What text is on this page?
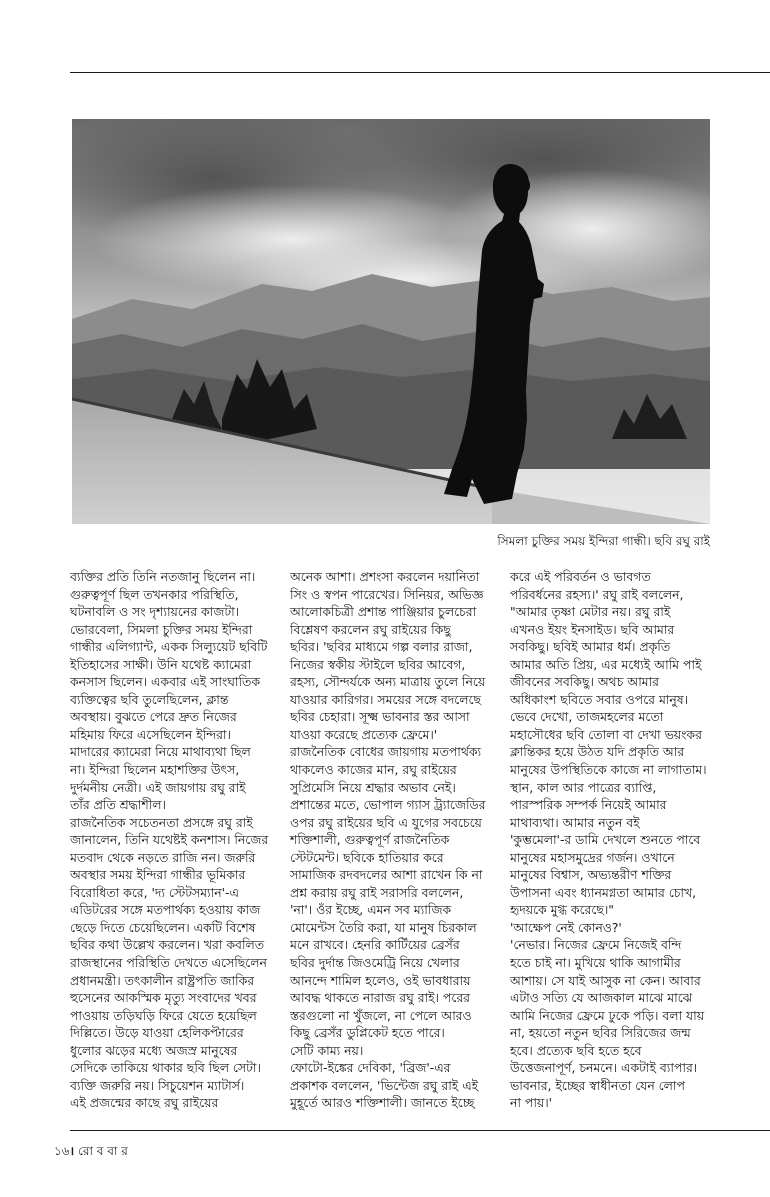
সিমলা চুক্তির সময় ইন্দিরা গান্ধী। ছবি রঘু রাই

ব্যক্তির প্রতি তিনি নতজানু ছিলেন না।

গুরুত্বপূর্ণ ছিল তখনকার পরিস্থিতি,

ঘটনাবলি ও সং দৃশ্যায়নের কাজটা।

ভোরবেলা, সিমলা চুক্তির সময় ইন্দিরা

গান্ধীর এলিগ্যান্ট, একক সিল্যুয়েট ছবিটি

ইতিহাসের সাক্ষী। উনি যথেষ্ট ক্যামেরা

কনসাস ছিলেন। একবার এই সাংঘাতিক

ব্যক্তিত্বের ছবি তুলেছিলেন, ক্লান্ত

অবস্থায়। বুঝতে পেরে দ্রুত নিজের

মহিমায় ফিরে এসেছিলেন ইন্দিরা।

মাদারের ক্যামেরা নিয়ে মাথাব্যথা ছিল

না। ইন্দিরা ছিলেন মহাশক্তির উৎস,

দুর্দমনীয় নেত্রী। এই জায়গায় রঘু রাই

তাঁর প্রতি শ্রদ্ধাশীল।

রাজনৈতিক সচেতনতা প্রসঙ্গে রঘু রাই

জানালেন, তিনি যথেষ্টই কনশাস। নিজের

মতবাদ থেকে নড়তে রাজি নন। জরুরি

অবস্থার সময় ইন্দিরা গান্ধীর ভূমিকার

বিরোধিতা করে, 'দ্য স্টেটসম্যান'-এ

এডিটরের সঙ্গে মতপার্থক্য হওয়ায় কাজ

ছেড়ে দিতে চেয়েছিলেন। একটি বিশেষ

ছবির কথা উল্লেখ করলেন। খরা কবলিত

রাজস্থানের পরিস্থিতি দেখতে এসেছিলেন

প্রধানমন্ত্রী। তৎকালীন রাষ্ট্রপতি জাকির

হুসেনের আকস্মিক মৃত্যু সংবাদের খবর

পাওয়ায় তড়িঘড়ি ফিরে যেতে হয়েছিল

দিল্লিতে। উড়ে যাওয়া হেলিকপ্টারের

ধুলোর ঝড়ের মধ্যে অজস্র মানুষের

সেদিকে তাকিয়ে থাকার ছবি ছিল সেটা।

ব্যক্তি জরুরি নয়। সিচুয়েশন ম্যাটার্স।

এই প্রজন্মের কাছে রঘু রাইয়ের

অনেক আশা। প্রশংসা করলেন দয়ানিতা

সিং ও স্বপন পারেখের। সিনিয়র, অভিজ্ঞ

আলোকচিত্রী প্রশান্ত পাঞ্জিয়ার চুলচেরা

বিশ্লেষণ করলেন রঘু রাইয়ের কিছু

ছবির। 'ছবির মাধ্যমে গল্প বলার রাজা,

নিজের স্বকীয় স্টাইলে ছবির আবেগ,

রহস্য, সৌন্দর্যকে অন্য মাত্রায় তুলে নিয়ে

যাওয়ার কারিগর। সময়ের সঙ্গে বদলেছে

ছবির চেহারা। সূক্ষ্ম ভাবনার স্তর আসা

যাওয়া করেছে প্রত্যেক ফ্রেমে।'

রাজনৈতিক বোধের জায়গায় মতপার্থক্য

থাকলেও কাজের মান, রঘু রাইয়ের

সুপ্রিমেসি নিয়ে শ্রদ্ধার অভাব নেই।

প্রশান্তের মতে, ভোপাল গ্যাস ট্র্যাজেডির

ওপর রঘু রাইয়ের ছবি এ যুগের সবচেয়ে

শক্তিশালী, গুরুত্বপূর্ণ রাজনৈতিক

স্টেটমেন্ট। ছবিকে হাতিয়ার করে

সামাজিক রদবদলের আশা রাখেন কি না

প্রশ্ন করায় রঘু রাই সরাসরি বললেন,

'না'। ওঁর ইচ্ছে, এমন সব ম্যাজিক

মোমেন্টস তৈরি করা, যা মানুষ চিরকাল

মনে রাখবে। হেনরি কার্টিয়ের ব্রেসঁর

ছবির দুর্দান্ত জিওমেট্রি নিয়ে খেলার

আনন্দে শামিল হলেও, ওই ভাবধারায়

আবদ্ধ থাকতে নারাজ রঘু রাই। পরের

স্তরগুলো না খুঁজলে, না পেলে আরও

কিছু ব্রেসঁর ডুপ্লিকেট হতে পারে।

সেটি কাম্য নয়।

ফোটো-ইঙ্কের দেবিকা, 'ব্রিজ'-এর

প্রকাশক বললেন, 'ভিন্টেজ রঘু রাই এই

মুহূর্তে আরও শক্তিশালী। জানতে ইচ্ছে

করে এই পরিবর্তন ও ভাবগত

পরিবর্ধনের রহস্য।' রঘু রাই বললেন,

"আমার তৃষ্ণা মেটার নয়। রঘু রাই

এখনও ইয়ং ইনসাইড। ছবি আমার

সবকিছু। ছবিই আমার ধর্ম। প্রকৃতি

আমার অতি প্রিয়, এর মধ্যেই আমি পাই

জীবনের সবকিছু। অথচ আমার

অধিকাংশ ছবিতে সবার ওপরে মানুষ।

ভেবে দেখো, তাজমহলের মতো

মহাসৌধের ছবি তোলা বা দেখা ভয়ংকর

ক্লান্তিকর হয়ে উঠত যদি প্রকৃতি আর

মানুষের উপস্থিতিকে কাজে না লাগাতাম।

স্থান, কাল আর পাত্রের ব্যাপ্তি,

পারস্পরিক সম্পর্ক নিয়েই আমার

মাথাব্যথা। আমার নতুন বই

'কুম্ভমেলা'-র ডামি দেখলে শুনতে পাবে

মানুষের মহাসমুদ্রের গর্জন। ওখানে

মানুষের বিশ্বাস, অভ্যন্তরীণ শক্তির

উপাসনা এবং ধ্যানমগ্নতা আমার চোখ,

হৃদয়কে মুগ্ধ করেছে।"

'আক্ষেপ নেই কোনও?'

'নেভার। নিজের ফ্রেমে নিজেই বন্দি

হতে চাই না। মুখিয়ে থাকি আগামীর

আশায়। সে যাই আসুক না কেন। আবার

এটাও সত্যি যে আজকাল মাঝে মাঝে

আমি নিজের ফ্রেমে ঢুকে পড়ি। বলা যায়

না, হয়তো নতুন ছবির সিরিজের জন্ম

হবে। প্রত্যেক ছবি হতে হবে

উত্তেজনাপূর্ণ, চনমনে। একটাই ব্যাপার।

ভাবনার, ইচ্ছের স্বাধীনতা যেন লোপ

না পায়।'

১৬। রো ব বা র
